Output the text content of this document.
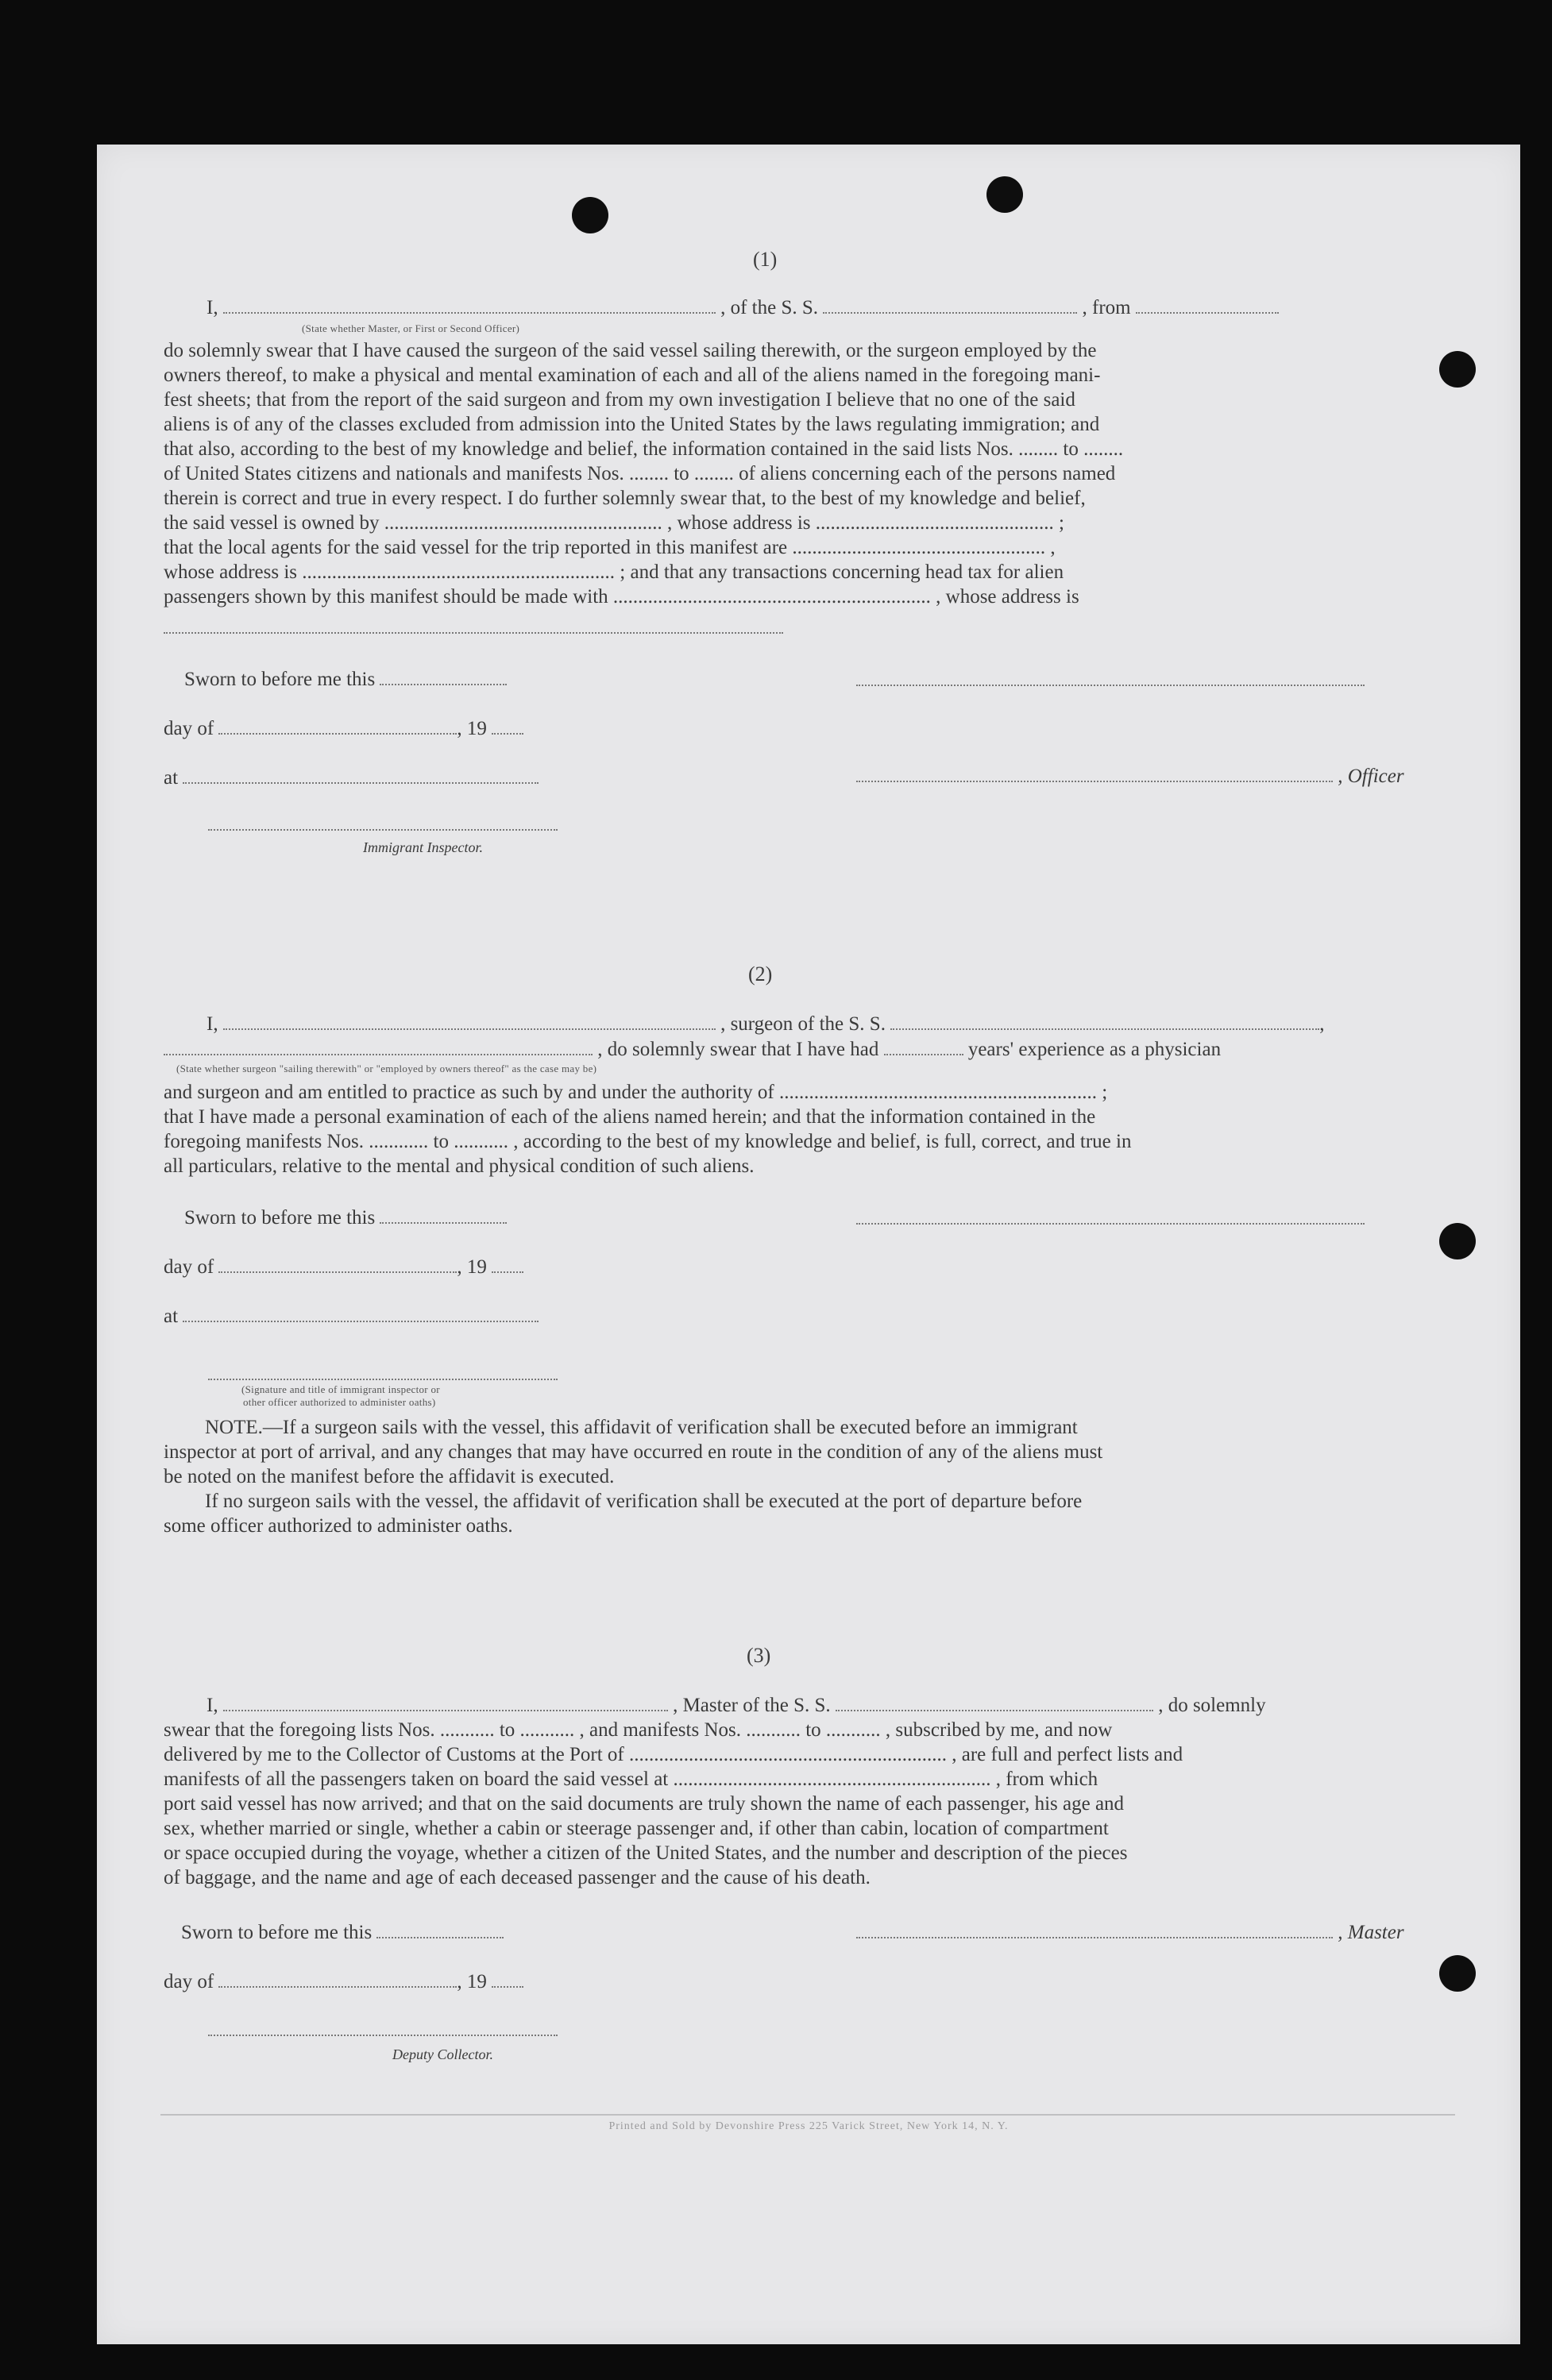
(1)
I,	, of the S. S.	, from
(State whether Master, or First or Second Officer)
do solemnly swear that I have caused the surgeon of the said vessel sailing therewith, or the surgeon employed by the
owners thereof, to make a physical and mental examination of each and all of the aliens named in the foregoing mani-
fest sheets; that from the report of the said surgeon and from my own investigation I believe that no one of the said
aliens is of any of the classes excluded from admission into the United States by the laws regulating immigration; and
that also, according to the best of my knowledge and belief, the information contained in the said lists Nos. ........ to ........
of United States citizens and nationals and manifests Nos. ........ to ........ of aliens concerning each of the persons named
therein is correct and true in every respect. I do further solemnly swear that, to the best of my knowledge and belief,
the said vessel is owned by ........................................................ , whose address is ................................................ ;
that the local agents for the said vessel for the trip reported in this manifest are ................................................... ,
whose address is ............................................................... ; and that any transactions concerning head tax for alien
passengers shown by this manifest should be made with ................................................................ , whose address is
Sworn to before me this
day of	, 19
at	, Officer
Immigrant Inspector.
(2)
I,	, surgeon of the S. S.	,
, do solemnly swear that I have had	years' experience as a physician
(State whether surgeon "sailing therewith" or "employed by owners thereof" as the case may be)
and surgeon and am entitled to practice as such by and under the authority of ................................................................ ;
that I have made a personal examination of each of the aliens named herein; and that the information contained in the
foregoing manifests Nos. ............ to ........... , according to the best of my knowledge and belief, is full, correct, and true in
all particulars, relative to the mental and physical condition of such aliens.
Sworn to before me this
day of	, 19
at
(Signature and title of immigrant inspector or
other officer authorized to administer oaths)
NOTE.—If a surgeon sails with the vessel, this affidavit of verification shall be executed before an immigrant
inspector at port of arrival, and any changes that may have occurred en route in the condition of any of the aliens must
be noted on the manifest before the affidavit is executed.
If no surgeon sails with the vessel, the affidavit of verification shall be executed at the port of departure before
some officer authorized to administer oaths.
(3)
I,	, Master of the S. S.	, do solemnly
swear that the foregoing lists Nos. ........... to ........... , and manifests Nos. ........... to ........... , subscribed by me, and now
delivered by me to the Collector of Customs at the Port of ................................................................ , are full and perfect lists and
manifests of all the passengers taken on board the said vessel at ................................................................ , from which
port said vessel has now arrived; and that on the said documents are truly shown the name of each passenger, his age and
sex, whether married or single, whether a cabin or steerage passenger and, if other than cabin, location of compartment
or space occupied during the voyage, whether a citizen of the United States, and the number and description of the pieces
of baggage, and the name and age of each deceased passenger and the cause of his death.
Sworn to before me this	, Master
day of	, 19
Deputy Collector.
Printed and Sold by Devonshire Press 225 Varick Street, New York 14, N. Y.
